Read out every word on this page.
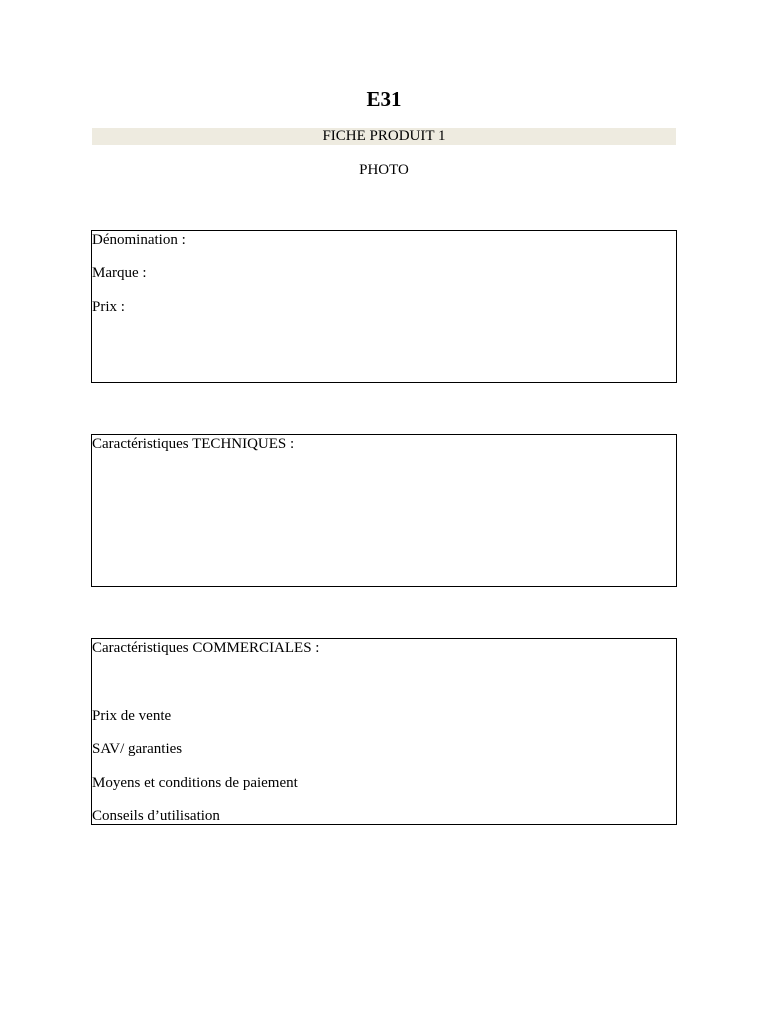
E31
FICHE PRODUIT 1
PHOTO
Dénomination :
Marque :
Prix :
Caractéristiques TECHNIQUES :
Caractéristiques COMMERCIALES :
Prix de vente
SAV/ garanties
Moyens et conditions de paiement
Conseils d’utilisation
